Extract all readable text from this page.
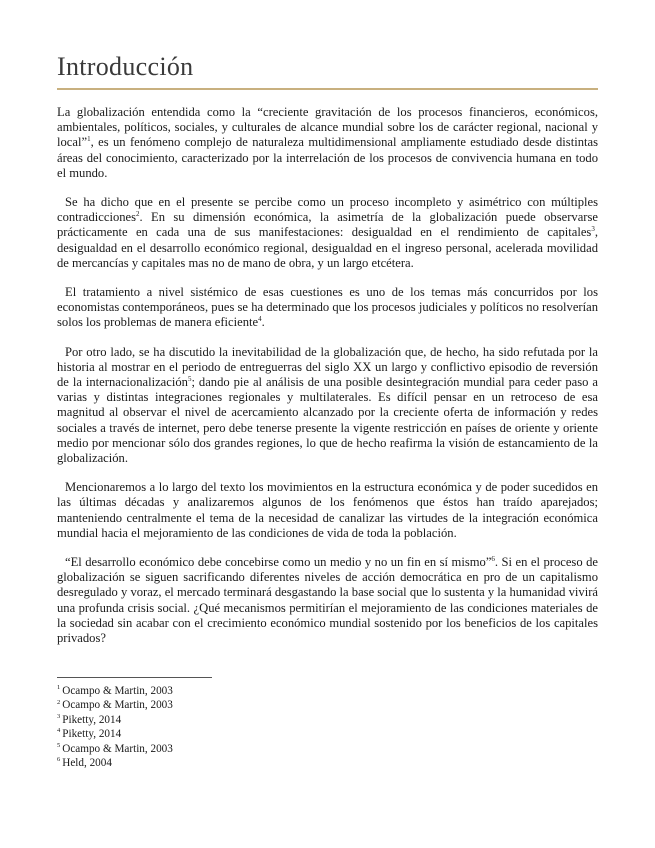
Introducción

La globalización entendida como la “creciente gravitación de los procesos financieros, económicos, ambientales, políticos, sociales, y culturales de alcance mundial sobre los de carácter regional, nacional y local”$^1$, es un fenómeno complejo de naturaleza multidimensional ampliamente estudiado desde distintas áreas del conocimiento, caracterizado por la interrelación de los procesos de convivencia humana en todo el mundo.

Se ha dicho que en el presente se percibe como un proceso incompleto y asimétrico con múltiples contradicciones$^2$. En su dimensión económica, la asimetría de la globalización puede observarse prácticamente en cada una de sus manifestaciones: desigualdad en el rendimiento de capitales$^3$, desigualdad en el desarrollo económico regional, desigualdad en el ingreso personal, acelerada movilidad de mercancías y capitales mas no de mano de obra, y un largo etcétera.

El tratamiento a nivel sistémico de esas cuestiones es uno de los temas más concurridos por los economistas contemporáneos, pues se ha determinado que los procesos judiciales y políticos no resolverían solos los problemas de manera eficiente$^4$.

Por otro lado, se ha discutido la inevitabilidad de la globalización que, de hecho, ha sido refutada por la historia al mostrar en el periodo de entreguerras del siglo XX un largo y conflictivo episodio de reversión de la internacionalización$^5$; dando pie al análisis de una posible desintegración mundial para ceder paso a varias y distintas integraciones regionales y multilaterales. Es difícil pensar en un retroceso de esa magnitud al observar el nivel de acercamiento alcanzado por la creciente oferta de información y redes sociales a través de internet, pero debe tenerse presente la vigente restricción en países de oriente y oriente medio por mencionar sólo dos grandes regiones, lo que de hecho reafirma la visión de estancamiento de la globalización.

Mencionaremos a lo largo del texto los movimientos en la estructura económica y de poder sucedidos en las últimas décadas y analizaremos algunos de los fenómenos que éstos han traído aparejados; manteniendo centralmente el tema de la necesidad de canalizar las virtudes de la integración económica mundial hacia el mejoramiento de las condiciones de vida de toda la población.

“El desarrollo económico debe concebirse como un medio y no un fin en sí mismo”$^6$. Si en el proceso de globalización se siguen sacrificando diferentes niveles de acción democrática en pro de un capitalismo desregulado y voraz, el mercado terminará desgastando la base social que lo sustenta y la humanidad vivirá una profunda crisis social. ¿Qué mecanismos permitirían el mejoramiento de las condiciones materiales de la sociedad sin acabar con el crecimiento económico mundial sostenido por los beneficios de los capitales privados?

$^1$ Ocampo & Martin, 2003

$^2$ Ocampo & Martin, 2003

$^3$ Piketty, 2014

$^4$ Piketty, 2014

$^5$ Ocampo & Martin, 2003

$^6$ Held, 2004
